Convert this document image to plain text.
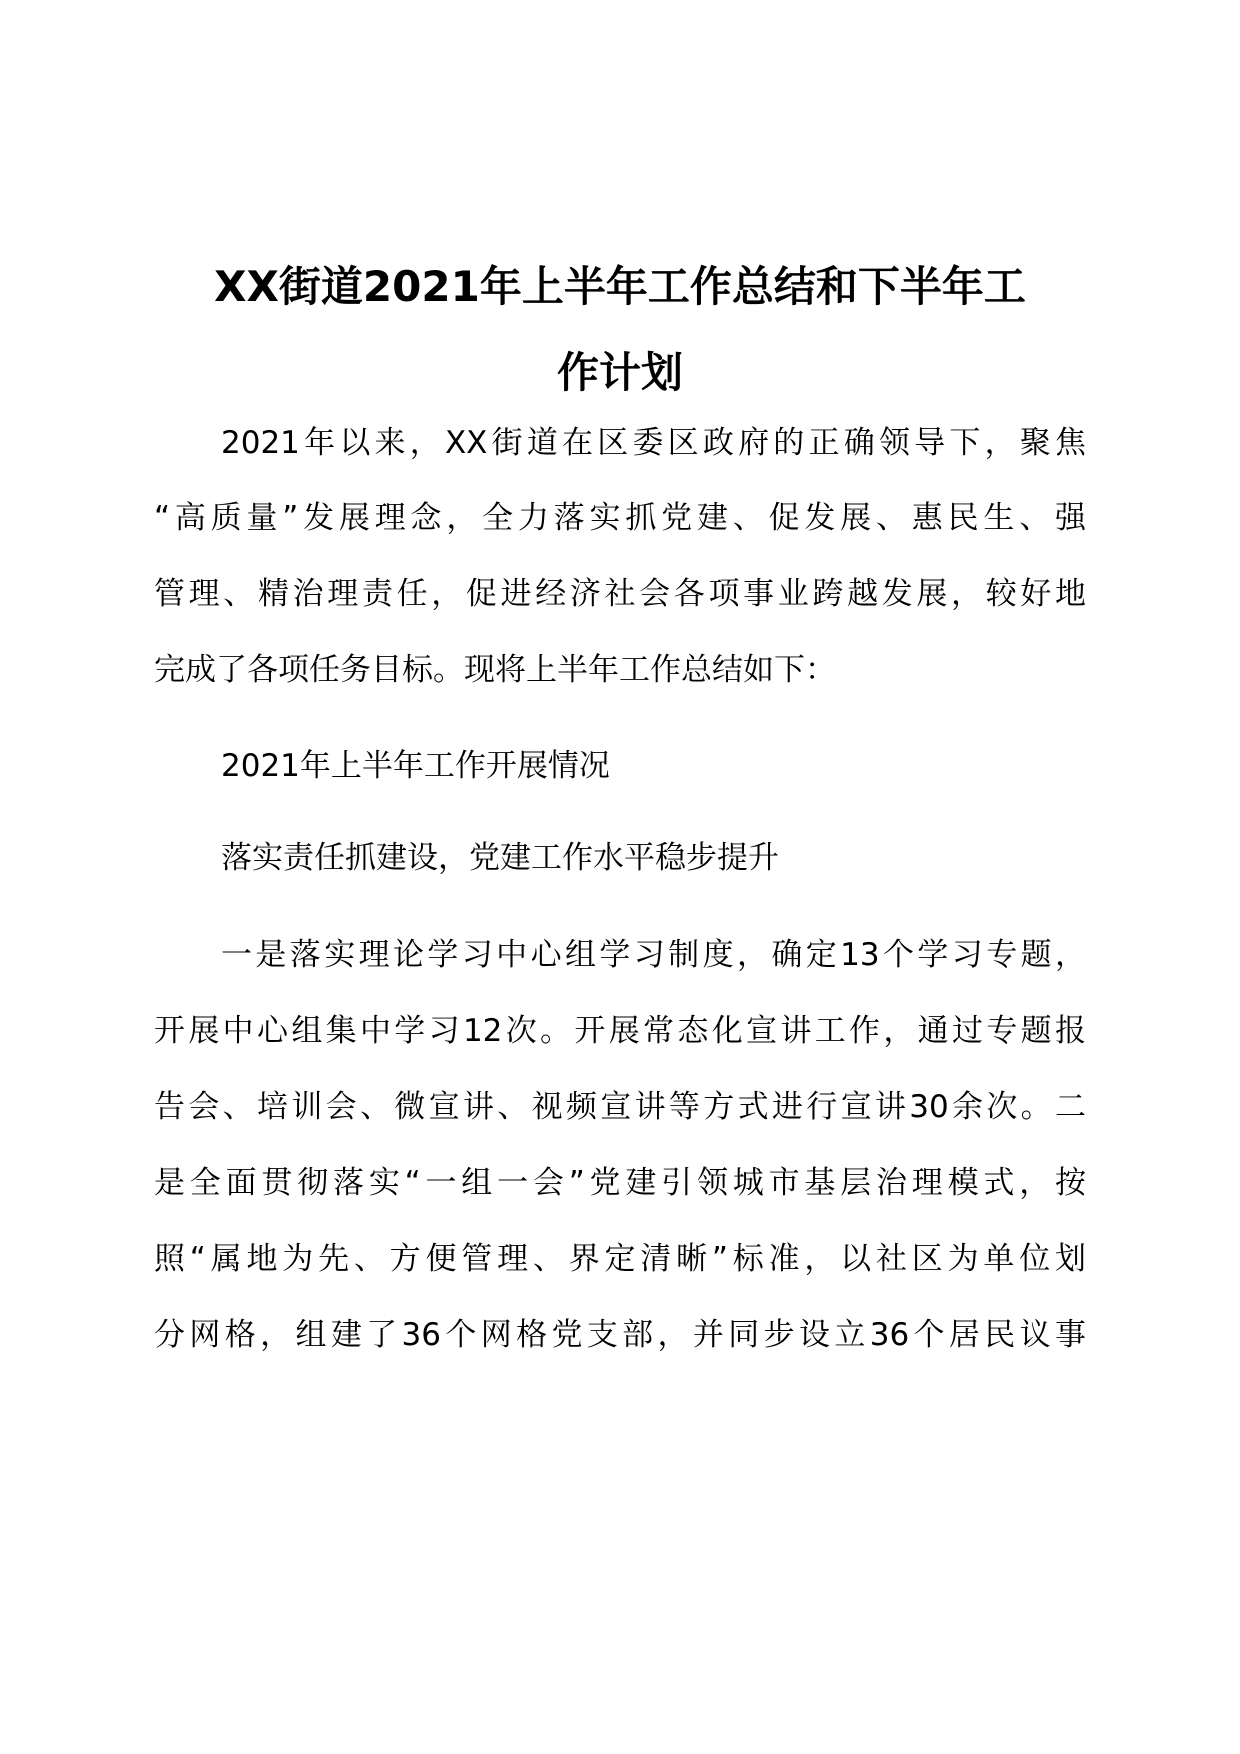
XX街道2021年上半年工作总结和下半年工
作计划

2021年以来，XX街道在区委区政府的正确领导下，聚焦

“高质量”发展理念，全力落实抓党建、促发展、惠民生、强

管理、精治理责任，促进经济社会各项事业跨越发展，较好地

完成了各项任务目标。现将上半年工作总结如下：

2021年上半年工作开展情况

落实责任抓建设，党建工作水平稳步提升

一是落实理论学习中心组学习制度，确定13个学习专题，

开展中心组集中学习12次。开展常态化宣讲工作，通过专题报

告会、培训会、微宣讲、视频宣讲等方式进行宣讲30余次。二

是全面贯彻落实“一组一会”党建引领城市基层治理模式，按

照“属地为先、方便管理、界定清晰”标准，以社区为单位划

分网格，组建了36个网格党支部，并同步设立36个居民议事
